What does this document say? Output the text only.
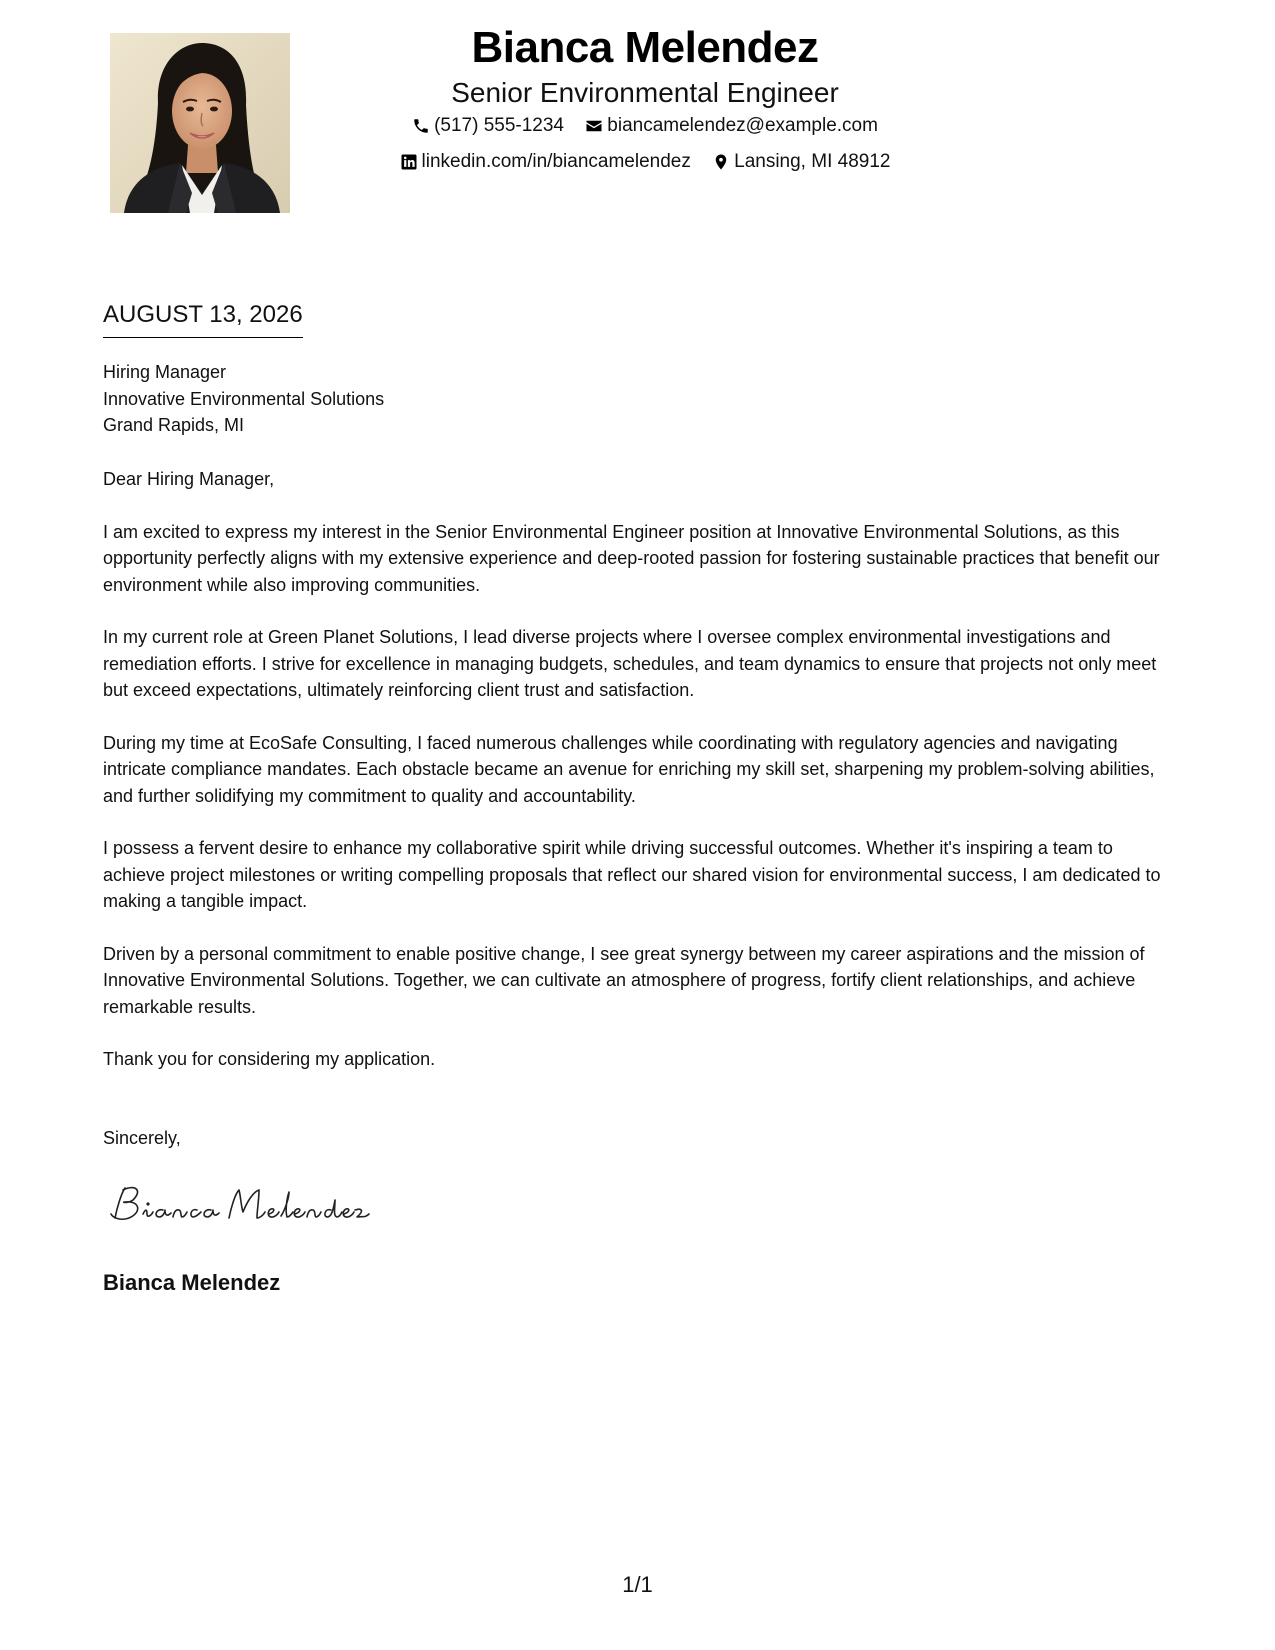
Bianca Melendez
Senior Environmental Engineer
(517) 555-1234
biancamelendez@example.com
linkedin.com/in/biancamelendez
Lansing, MI 48912
AUGUST 13, 2026
Hiring Manager
Innovative Environmental Solutions
Grand Rapids, MI

Dear Hiring Manager,

I am excited to express my interest in the Senior Environmental Engineer position at Innovative Environmental Solutions, as this opportunity perfectly aligns with my extensive experience and deep-rooted passion for fostering sustainable practices that benefit our environment while also improving communities.

In my current role at Green Planet Solutions, I lead diverse projects where I oversee complex environmental investigations and remediation efforts. I strive for excellence in managing budgets, schedules, and team dynamics to ensure that projects not only meet but exceed expectations, ultimately reinforcing client trust and satisfaction.

During my time at EcoSafe Consulting, I faced numerous challenges while coordinating with regulatory agencies and navigating intricate compliance mandates. Each obstacle became an avenue for enriching my skill set, sharpening my problem-solving abilities, and further solidifying my commitment to quality and accountability.

I possess a fervent desire to enhance my collaborative spirit while driving successful outcomes. Whether it's inspiring a team to achieve project milestones or writing compelling proposals that reflect our shared vision for environmental success, I am dedicated to making a tangible impact.

Driven by a personal commitment to enable positive change, I see great synergy between my career aspirations and the mission of Innovative Environmental Solutions. Together, we can cultivate an atmosphere of progress, fortify client relationships, and achieve remarkable results.

Thank you for considering my application.

Sincerely,
Bianca Melendez
1/1
